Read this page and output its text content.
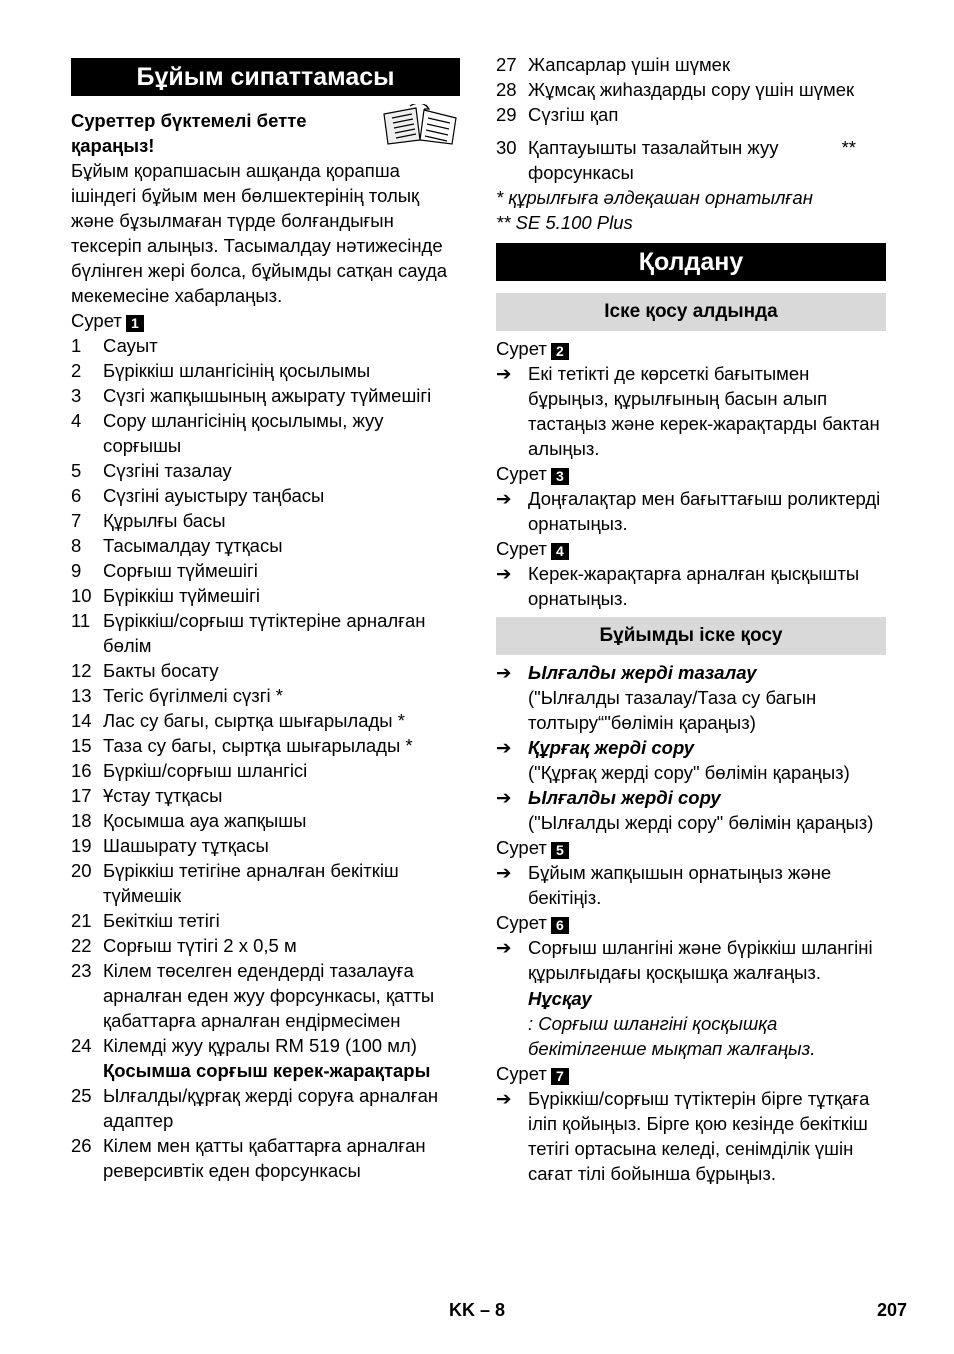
Бұйым сипаттамасы
Суреттер бүктемелі бетте қараңыз!
Бұйым қорапшасын ашқанда қорапша ішіндегі бұйым мен бөлшектерінің толық және бұзылмаған түрде болғандығын тексеріп алыңыз. Тасымалдау нәтижесінде бүлінген жері болса, бұйымды сатқан сауда мекемесіне хабарлаңыз.
Сурет 1
1	Сауыт
2	Бүріккіш шлангісінің қосылымы
3	Сүзгі жапқышының ажырату түймешігі
4	Сору шлангісінің қосылымы, жуу сорғышы
5	Сүзгіні тазалау
6	Сүзгіні ауыстыру таңбасы
7	Құрылғы басы
8	Тасымалдау тұтқасы
9	Сорғыш түймешігі
10 Бүріккіш түймешігі
11 Бүріккіш/сорғыш түтіктеріне арналған бөлім
12 Бакты босату
13 Тегіс бүгілмелі сүзгі *
14 Лас су багы, сыртқа шығарылады *
15 Таза су багы, сыртқа шығарылады *
16 Бүркіш/сорғыш шлангісі
17 Ұстау тұтқасы
18 Қосымша ауа жапқышы
19 Шашырату тұтқасы
20 Бүріккіш тетігіне арналған бекіткіш түймешік
21 Бекіткіш тетігі
22 Сорғыш түтігі 2 х 0,5 м
23 Кілем төселген едендерді тазалауға арналған еден жуу форсункасы, қатты қабаттарға арналған ендірмесімен
24 Кілемді жуу құралы RM 519 (100 мл)
Қосымша сорғыш керек-жарақтары
25 Ылғалды/құрғақ жерді соруға арналған адаптер
26 Кілем мен қатты қабаттарға арналған реверсивтік еден форсункасы
27 Жапсарлар үшін шүмек
28 Жұмсақ жиһаздарды сору үшін шүмек
29 Сүзгіш қап
30 Қаптауышты тазалайтын жуу форсункасы
**
* құрылғыға әлдеқашан орнатылған
** SE 5.100 Plus
Қолдану
Іске қосу алдында
Сурет 2
➔ Екі тетікті де көрсеткі бағытымен бұрыңыз, құрылғының басын алып тастаңыз және керек-жарақтарды бактан алыңыз.
Сурет 3
➔ Доңғалақтар мен бағыттағыш роликтерді орнатыңыз.
Сурет 4
➔ Керек-жарақтарға арналған қысқышты орнатыңыз.
Бұйымды іске қосу
➔ Ылғалды жерді тазалау
("Ылғалды тазалау/Таза су багын толтыру“"бөлімін қараңыз)
➔ Құрғақ жерді сору
("Құрғақ жерді сору" бөлімін қараңыз)
➔ Ылғалды жерді сору
("Ылғалды жерді сору" бөлімін қараңыз)
Сурет 5
➔ Бұйым жапқышын орнатыңыз және бекітіңіз.
Сурет 6
➔ Сорғыш шлангіні және бүріккіш шлангіні құрылғыдағы қосқышқа жалғаңыз.
Нұсқау
: Сорғыш шлангіні қосқышқа бекітілгенше мықтап жалғаңыз.
Сурет 7
➔ Бүріккіш/сорғыш түтіктерін бірге тұтқаға іліп қойыңыз. Бірге қою кезінде бекіткіш тетігі ортасына келеді, сенімділік үшін сағат тілі бойынша бұрыңыз.
KK – 8	207
